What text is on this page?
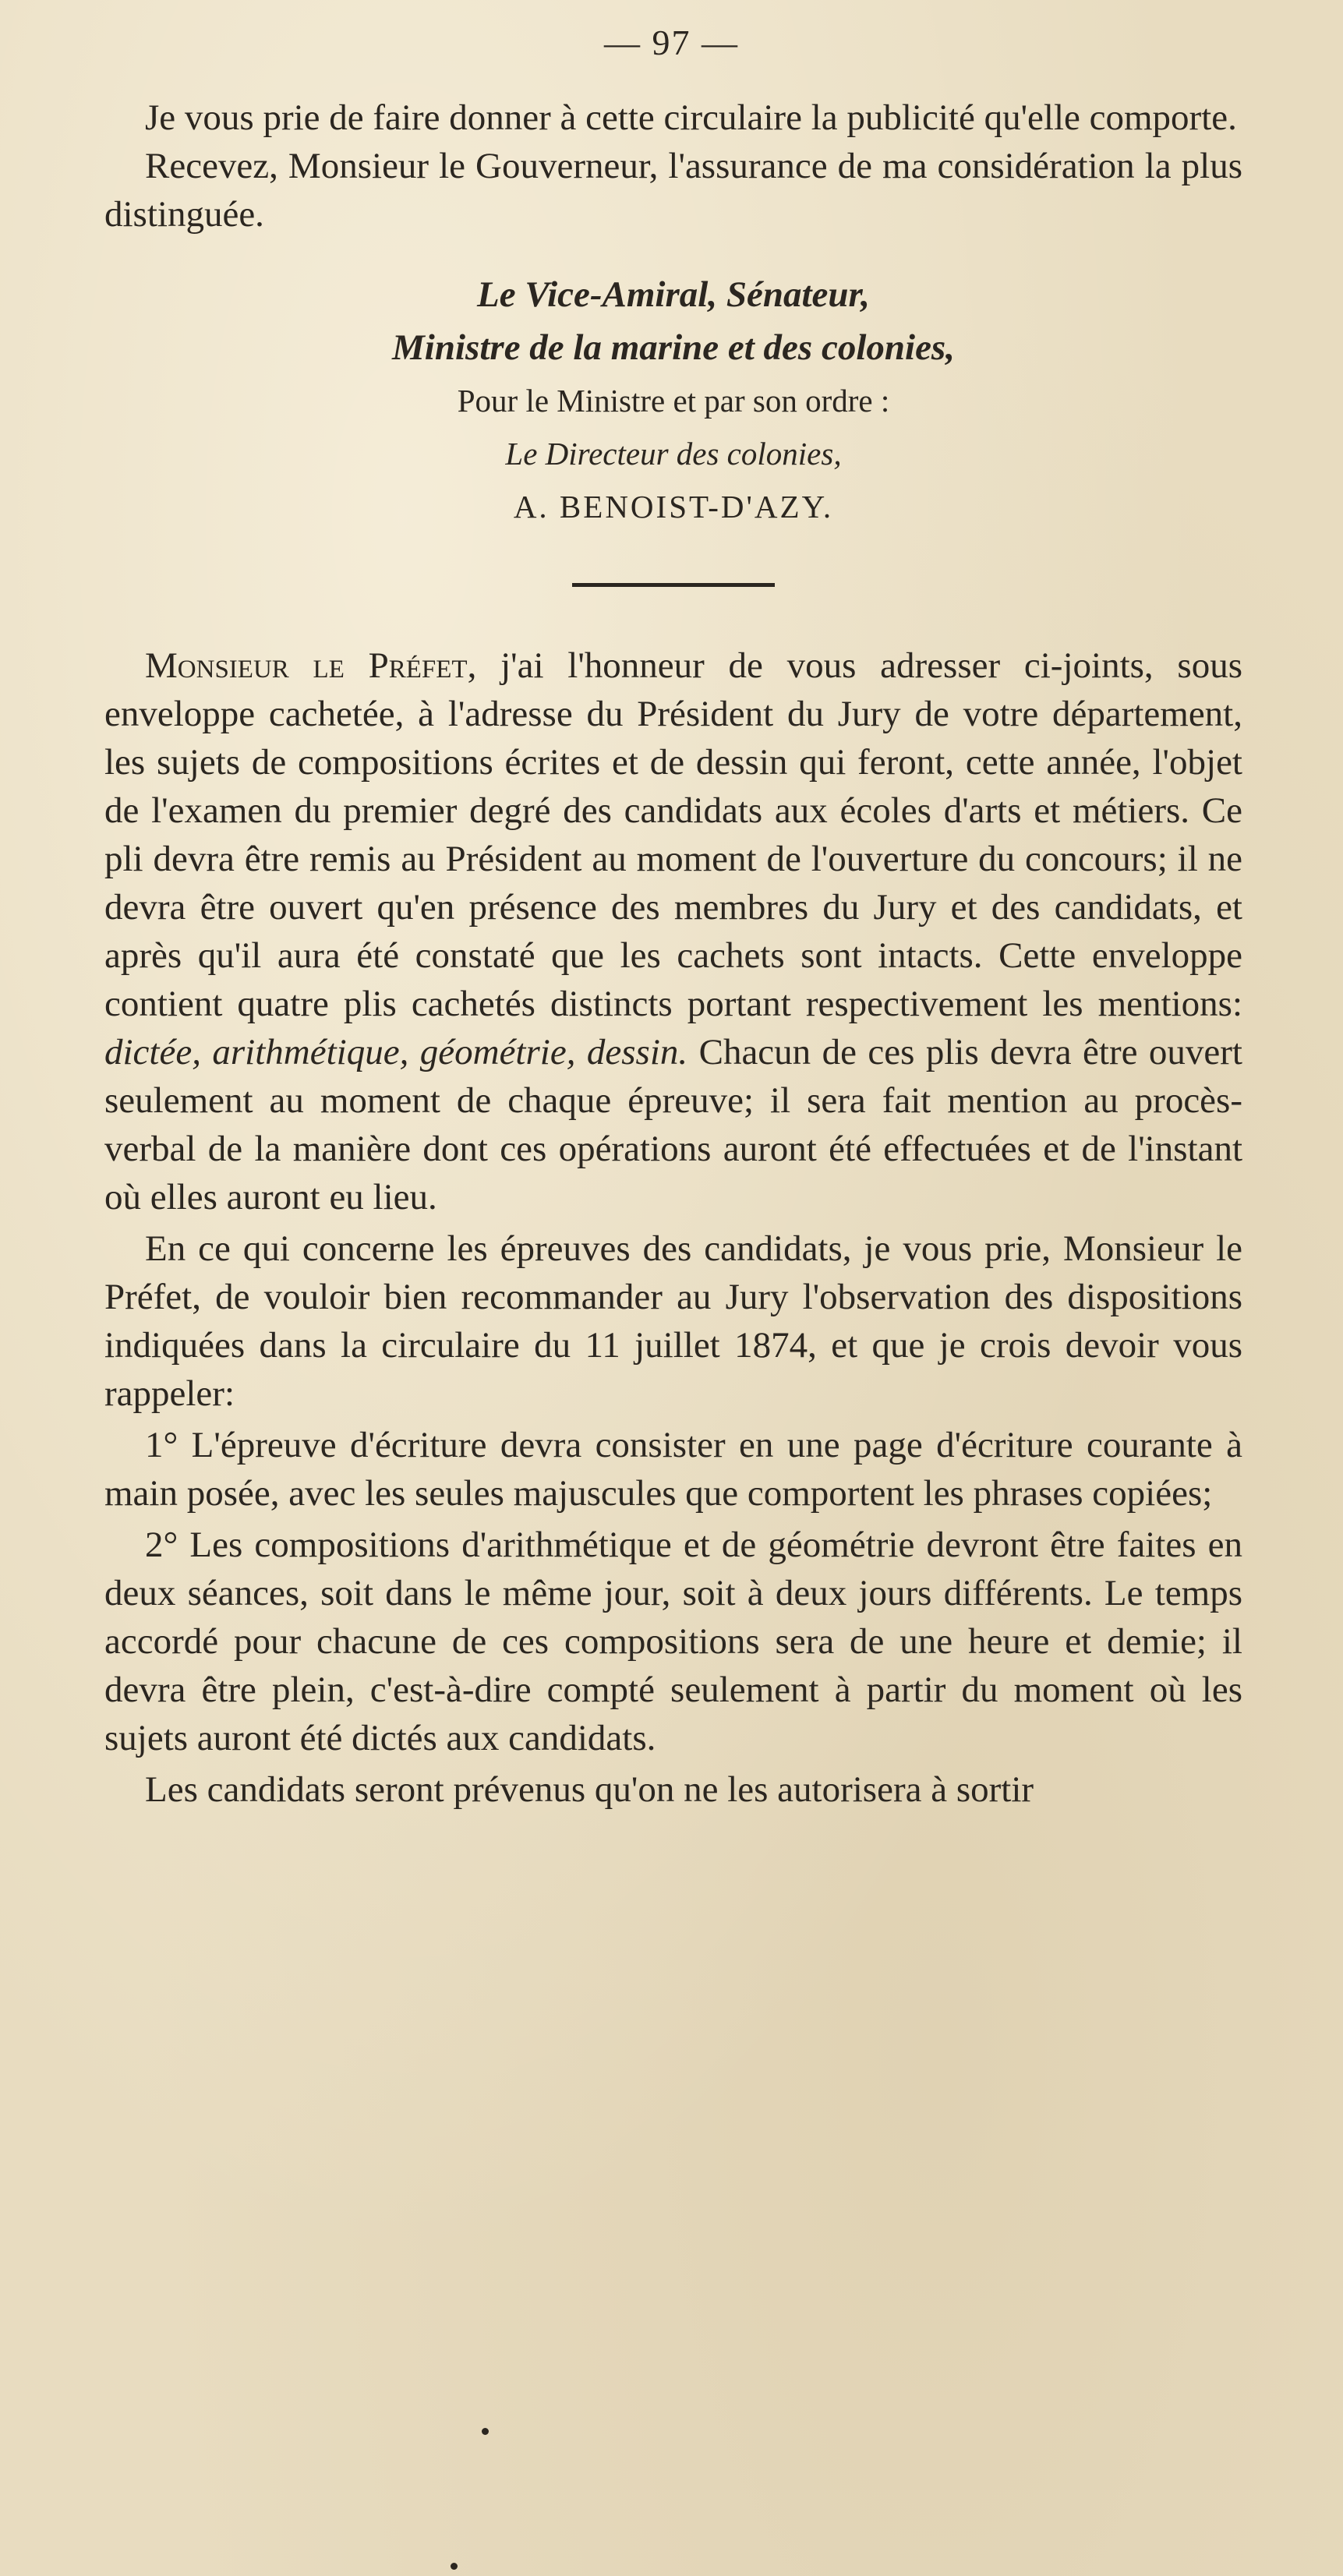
— 97 —

Je vous prie de faire donner à cette circulaire la publicité qu'elle comporte.

Recevez, Monsieur le Gouverneur, l'assurance de ma considération la plus distinguée.

Le Vice-Amiral, Sénateur,
Ministre de la marine et des colonies,
Pour le Ministre et par son ordre :
Le Directeur des colonies,
A. BENOIST-D'AZY.

Monsieur le Préfet, j'ai l'honneur de vous adresser ci-joints, sous enveloppe cachetée, à l'adresse du Président du Jury de votre département, les sujets de compositions écrites et de dessin qui feront, cette année, l'objet de l'examen du premier degré des candidats aux écoles d'arts et métiers. Ce pli devra être remis au Président au moment de l'ouverture du concours; il ne devra être ouvert qu'en présence des membres du Jury et des candidats, et après qu'il aura été constaté que les cachets sont intacts. Cette enveloppe contient quatre plis cachetés distincts portant respectivement les mentions: dictée, arithmétique, géométrie, dessin. Chacun de ces plis devra être ouvert seulement au moment de chaque épreuve; il sera fait mention au procès-verbal de la manière dont ces opérations auront été effectuées et de l'instant où elles auront eu lieu.

En ce qui concerne les épreuves des candidats, je vous prie, Monsieur le Préfet, de vouloir bien recommander au Jury l'observation des dispositions indiquées dans la circulaire du 11 juillet 1874, et que je crois devoir vous rappeler:

1° L'épreuve d'écriture devra consister en une page d'écriture courante à main posée, avec les seules majuscules que comportent les phrases copiées;

2° Les compositions d'arithmétique et de géométrie devront être faites en deux séances, soit dans le même jour, soit à deux jours différents. Le temps accordé pour chacune de ces compositions sera de une heure et demie; il devra être plein, c'est-à-dire compté seulement à partir du moment où les sujets auront été dictés aux candidats.

Les candidats seront prévenus qu'on ne les autorisera à sortir
